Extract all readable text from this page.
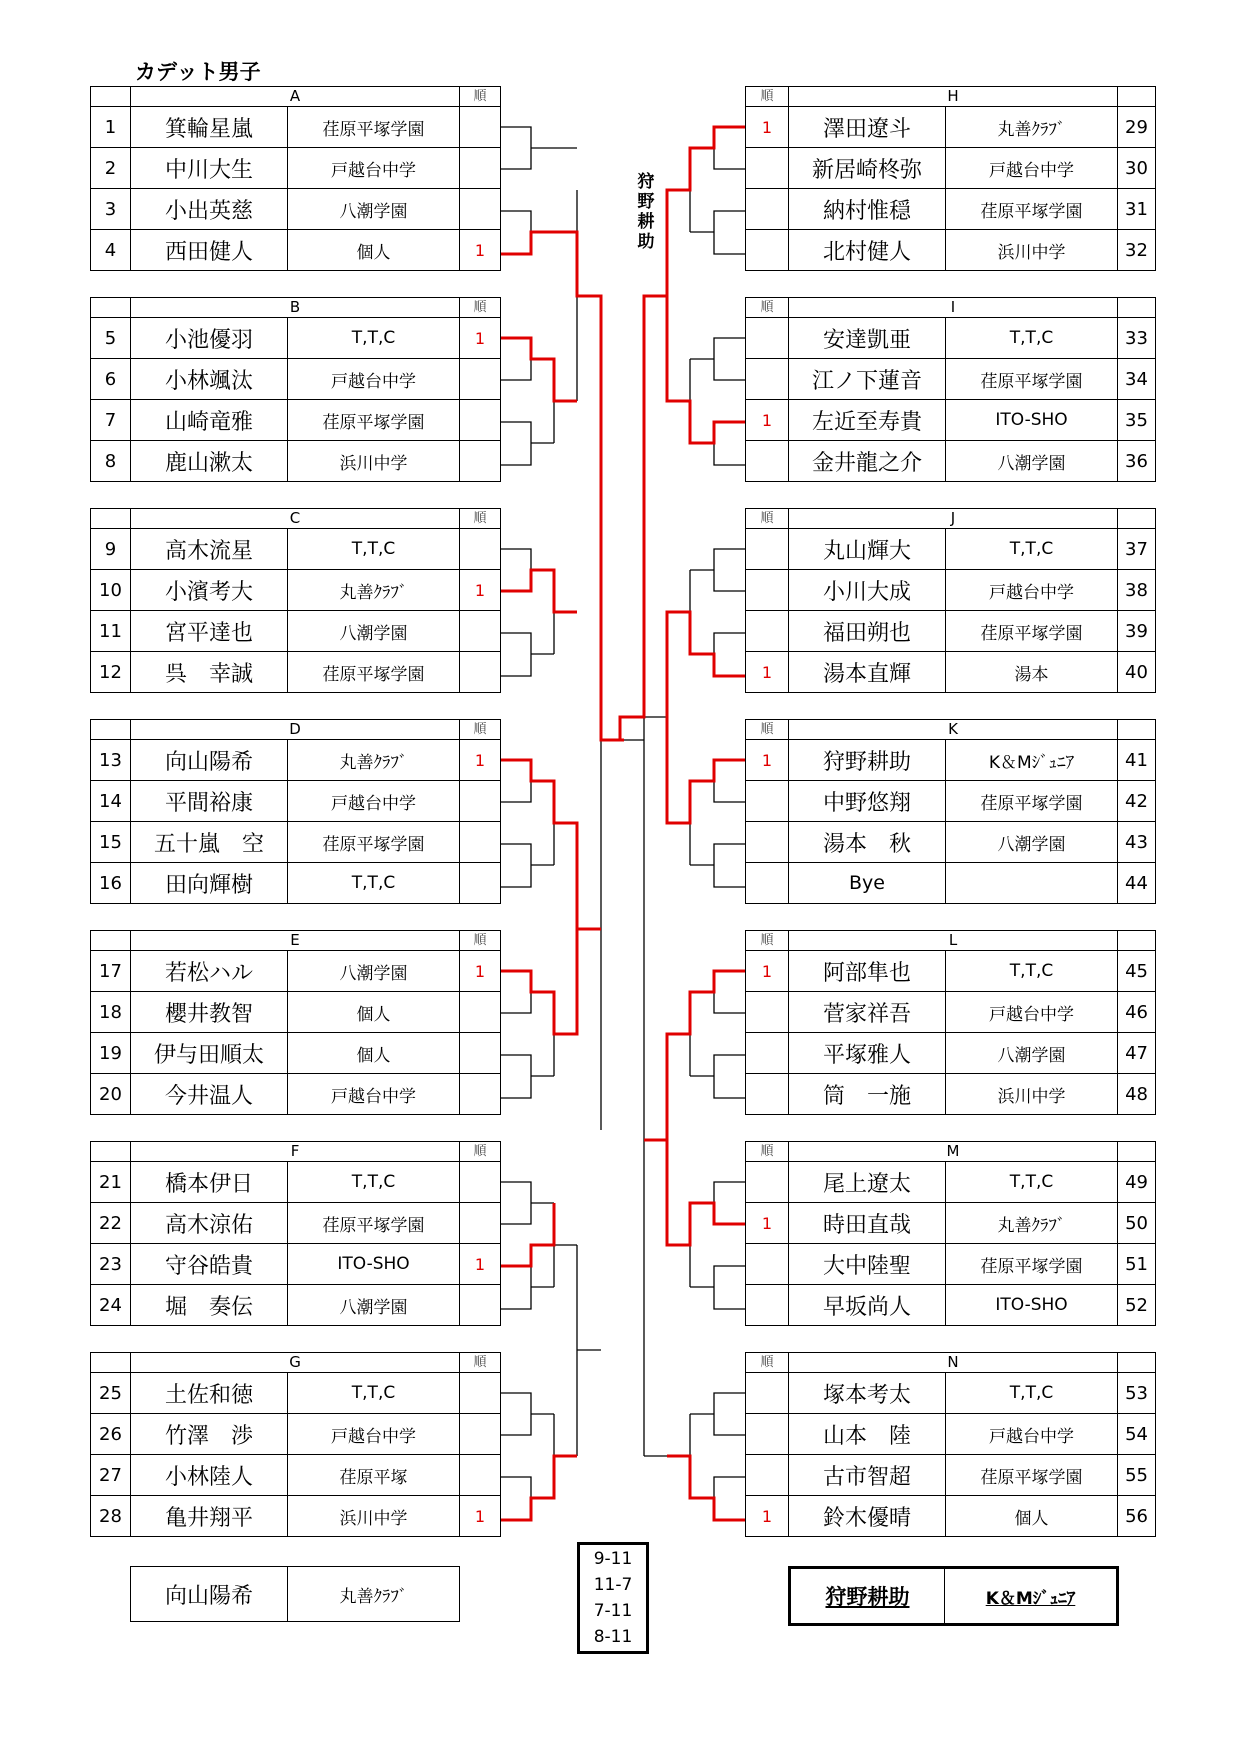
カデット男子
狩
野
耕
助
	A		順
1	箕輪星嵐	荏原平塚学園	
2	中川大生	戸越台中学	
3	小出英慈	八潮学園	
4	西田健人	個人	1
順	H		
1	澤田遼斗	丸善ｸﾗﾌﾞ	29
	新居崎柊弥	戸越台中学	30
	納村惟穏	荏原平塚学園	31
	北村健人	浜川中学	32
	B		順
5	小池優羽	T,T,C	1
6	小林颯汰	戸越台中学	
7	山崎竜雅	荏原平塚学園	
8	鹿山漱太	浜川中学	
順	I		
	安達凱亜	T,T,C	33
	江ノ下蓮音	荏原平塚学園	34
1	左近至寿貴	ITO-SHO	35
	金井龍之介	八潮学園	36
	C		順
9	高木流星	T,T,C	
10	小濱考大	丸善ｸﾗﾌﾞ	1
11	宮平達也	八潮学園	
12	呉　幸誠	荏原平塚学園	
順	J		
	丸山輝大	T,T,C	37
	小川大成	戸越台中学	38
	福田朔也	荏原平塚学園	39
1	湯本直輝	湯本	40
	D		順
13	向山陽希	丸善ｸﾗﾌﾞ	1
14	平間裕康	戸越台中学	
15	五十嵐　空	荏原平塚学園	
16	田向輝樹	T,T,C	
順	K		
1	狩野耕助	K＆Mｼﾞｭﾆｱ	41
	中野悠翔	荏原平塚学園	42
	湯本　秋	八潮学園	43
	Bye		44
	E		順
17	若松ハル	八潮学園	1
18	櫻井教智	個人	
19	伊与田順太	個人	
20	今井温人	戸越台中学	
順	L		
1	阿部隼也	T,T,C	45
	菅家祥吾	戸越台中学	46
	平塚雅人	八潮学園	47
	筒　一施	浜川中学	48
	F		順
21	橋本伊日	T,T,C	
22	高木涼佑	荏原平塚学園	
23	守谷皓貴	ITO-SHO	1
24	堀　奏伝	八潮学園	
順	M		
	尾上遼太	T,T,C	49
1	時田直哉	丸善ｸﾗﾌﾞ	50
	大中陸聖	荏原平塚学園	51
	早坂尚人	ITO-SHO	52
	G		順
25	土佐和徳	T,T,C	
26	竹澤　渉	戸越台中学	
27	小林陸人	荏原平塚	
28	亀井翔平	浜川中学	1
順	N		
	塚本考太	T,T,C	53
	山本　陸	戸越台中学	54
	古市智超	荏原平塚学園	55
1	鈴木優晴	個人	56
向山陽希	丸善ｸﾗﾌﾞ
9-11
11-7
7-11
8-11
狩野耕助	K＆Mｼﾞｭﾆｱ
